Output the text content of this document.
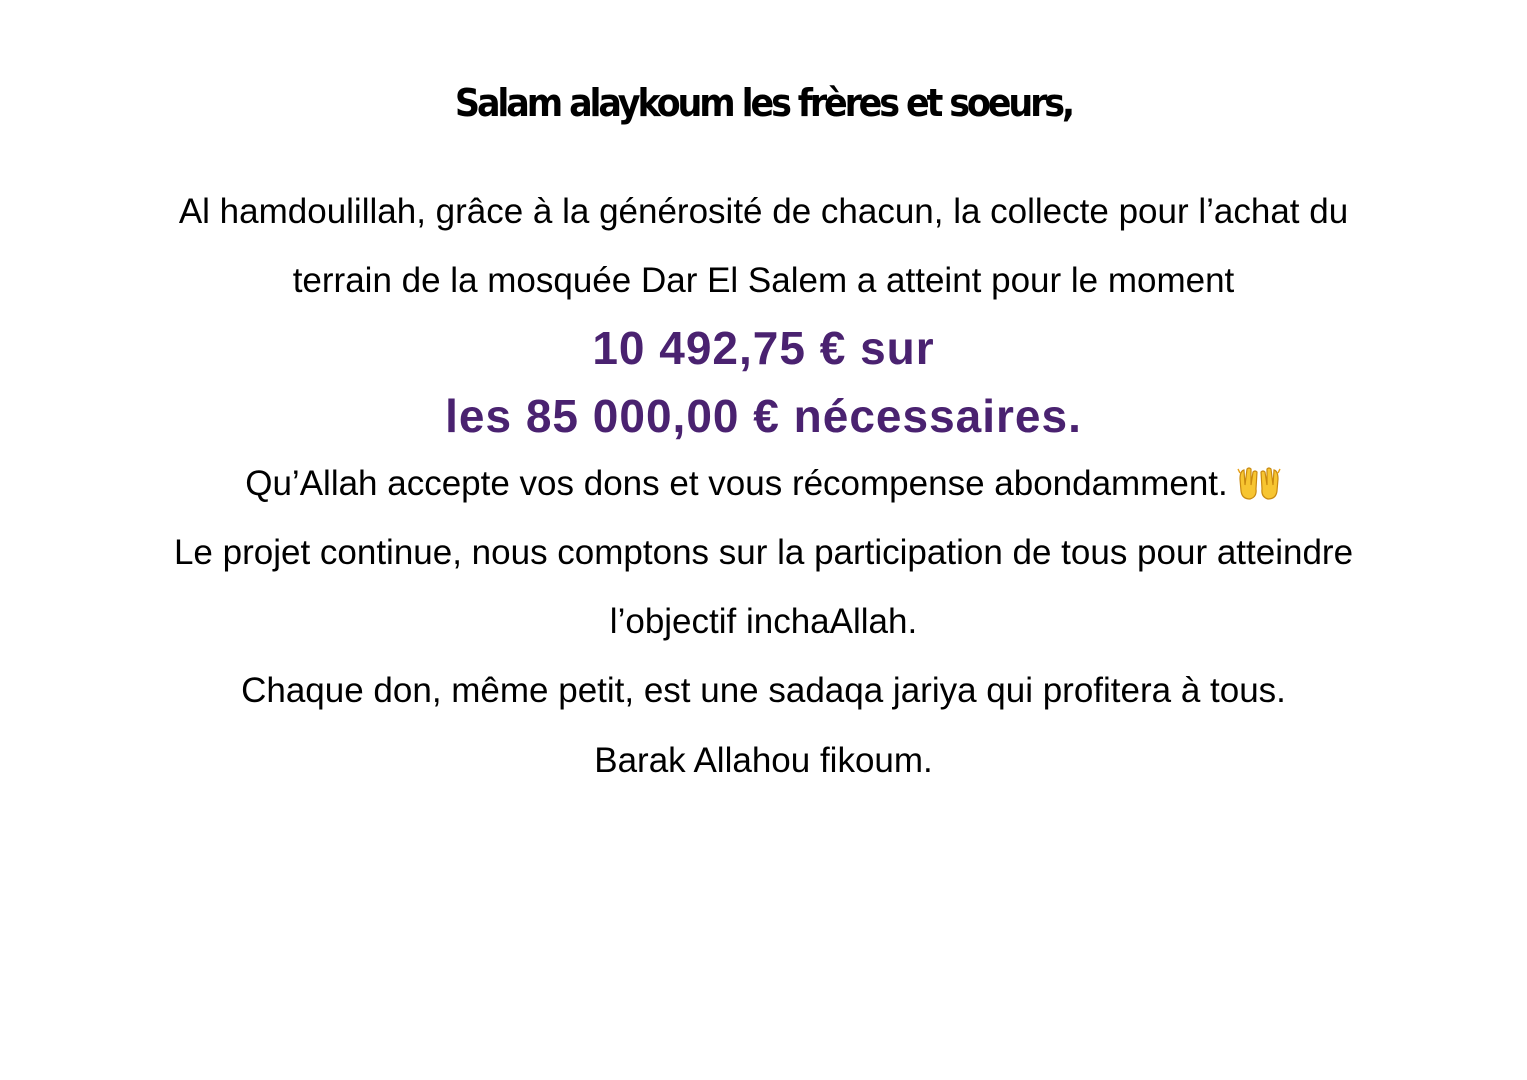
Salam alaykoum les frères et soeurs,
Al hamdoulillah, grâce à la générosité de chacun, la collecte pour l’achat du
terrain de la mosquée Dar El Salem a atteint pour le moment
10 492,75 € sur
les 85 000,00 € nécessaires.
Qu’Allah accepte vos dons et vous récompense abondamment.
Le projet continue, nous comptons sur la participation de tous pour atteindre
l’objectif inchaAllah.
Chaque don, même petit, est une sadaqa jariya qui profitera à tous.
Barak Allahou fikoum.
